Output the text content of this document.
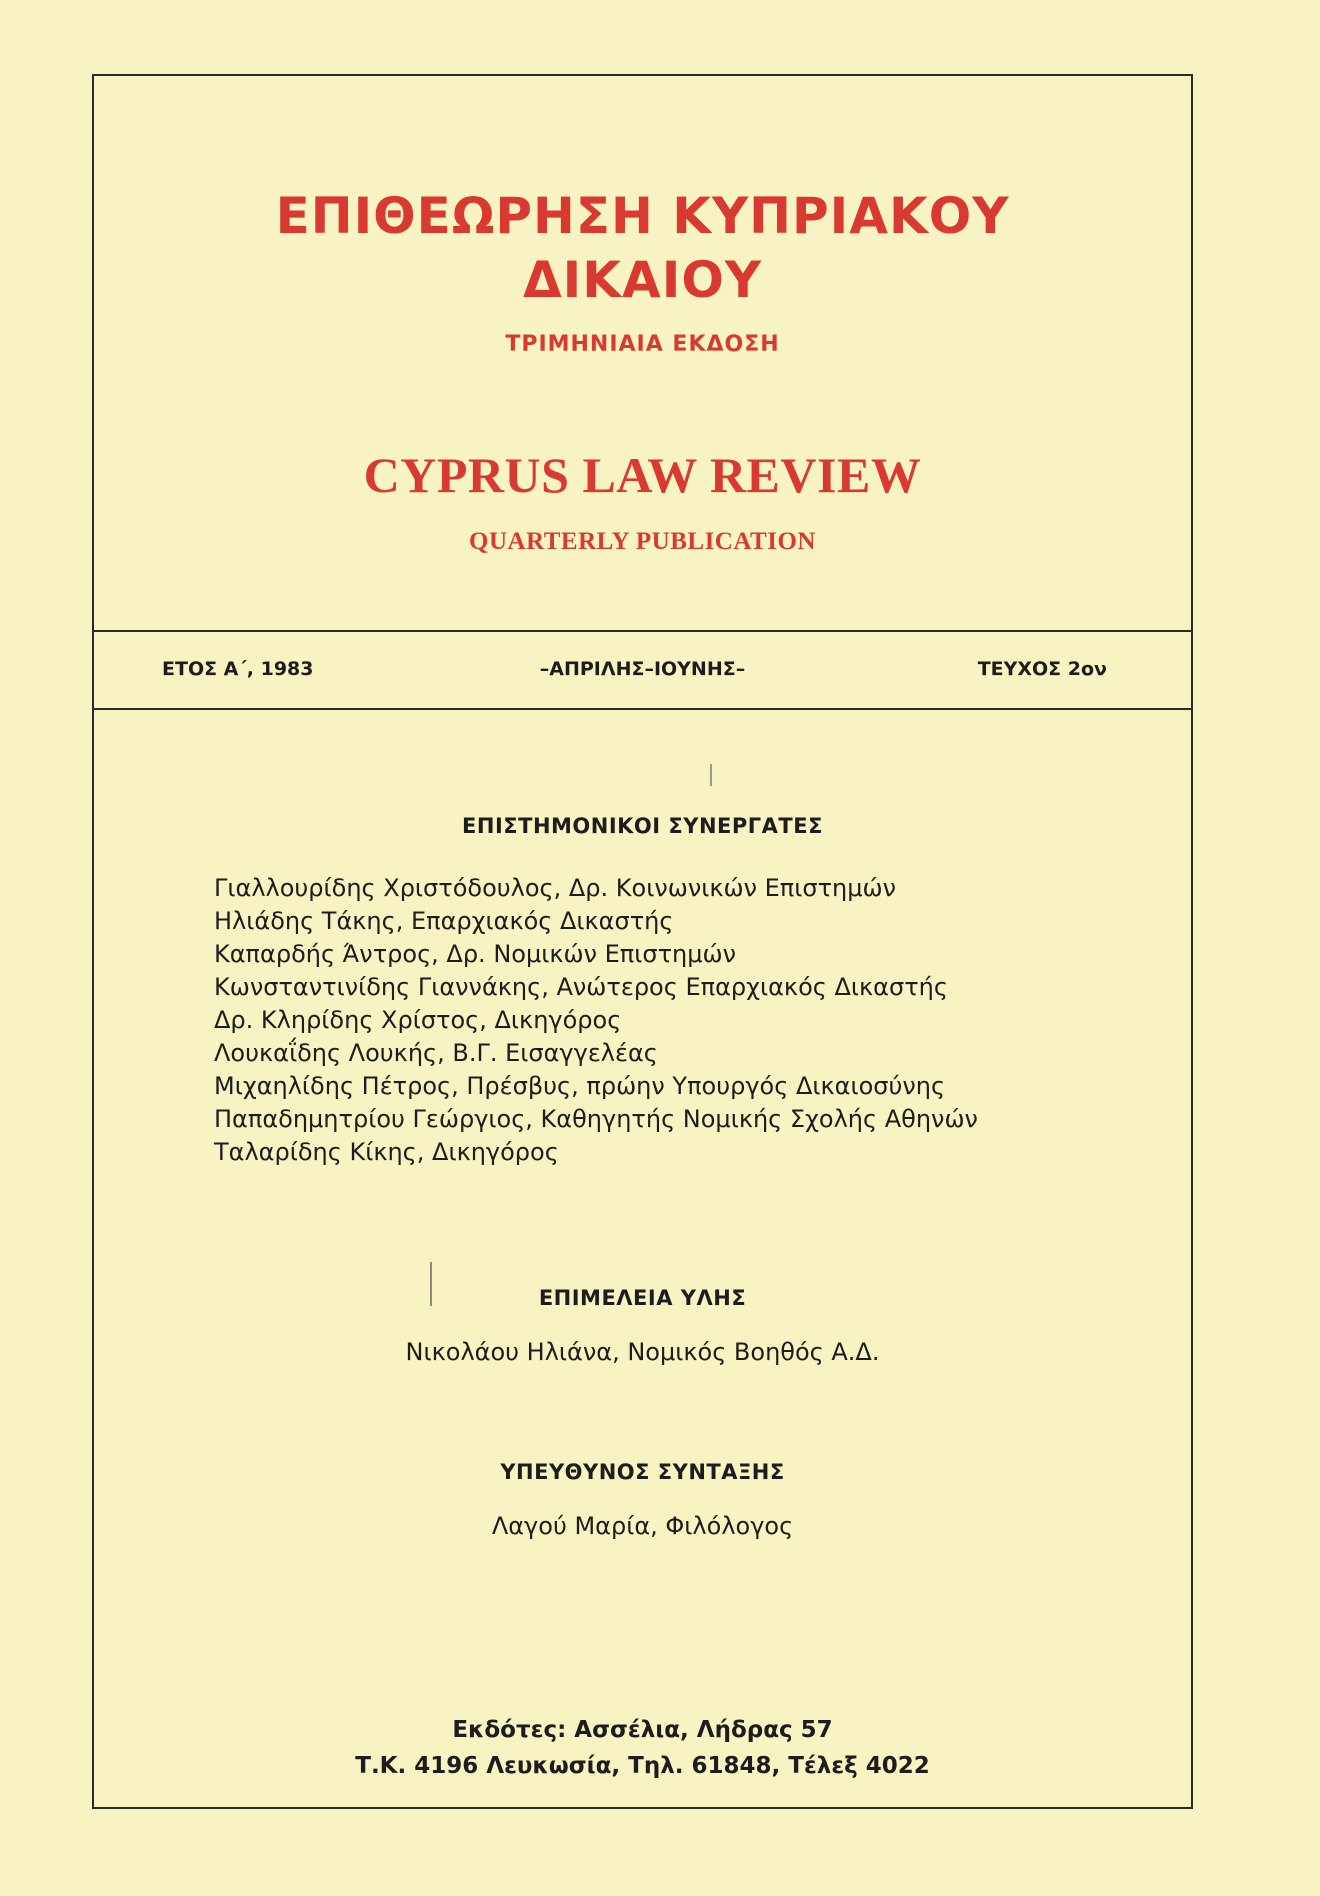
ΕΠΙΘΕΩΡΗΣΗ ΚΥΠΡΙΑΚΟΥ
ΔΙΚΑΙΟΥ
ΤΡΙΜΗΝΙΑΙΑ ΕΚΔΟΣΗ
CYPRUS LAW REVIEW
QUARTERLY PUBLICATION
ΕΤΟΣ Α΄, 1983	–ΑΠΡΙΛΗΣ–ΙΟΥΝΗΣ–	ΤΕΥΧΟΣ 2ον
ΕΠΙΣΤΗΜΟΝΙΚΟΙ ΣΥΝΕΡΓΑΤΕΣ
Γιαλλουρίδης Χριστόδουλος, Δρ. Κοινωνικών Επιστημών
Ηλιάδης Τάκης, Επαρχιακός Δικαστής
Καπαρδής Άντρος, Δρ. Νομικών Επιστημών
Κωνσταντινίδης Γιαννάκης, Ανώτερος Επαρχιακός Δικαστής
Δρ. Κληρίδης Χρίστος, Δικηγόρος
Λουκαΐδης Λουκής, Β.Γ. Εισαγγελέας
Μιχαηλίδης Πέτρος, Πρέσβυς, πρώην Υπουργός Δικαιοσύνης
Παπαδημητρίου Γεώργιος, Καθηγητής Νομικής Σχολής Αθηνών
Ταλαρίδης Κίκης, Δικηγόρος
ΕΠΙΜΕΛΕΙΑ ΥΛΗΣ
Νικολάου Ηλιάνα, Νομικός Βοηθός Α.Δ.
ΥΠΕΥΘΥΝΟΣ ΣΥΝΤΑΞΗΣ
Λαγού Μαρία, Φιλόλογος
Εκδότες: Ασσέλια, Λήδρας 57
Τ.Κ. 4196 Λευκωσία, Τηλ. 61848, Τέλεξ 4022
